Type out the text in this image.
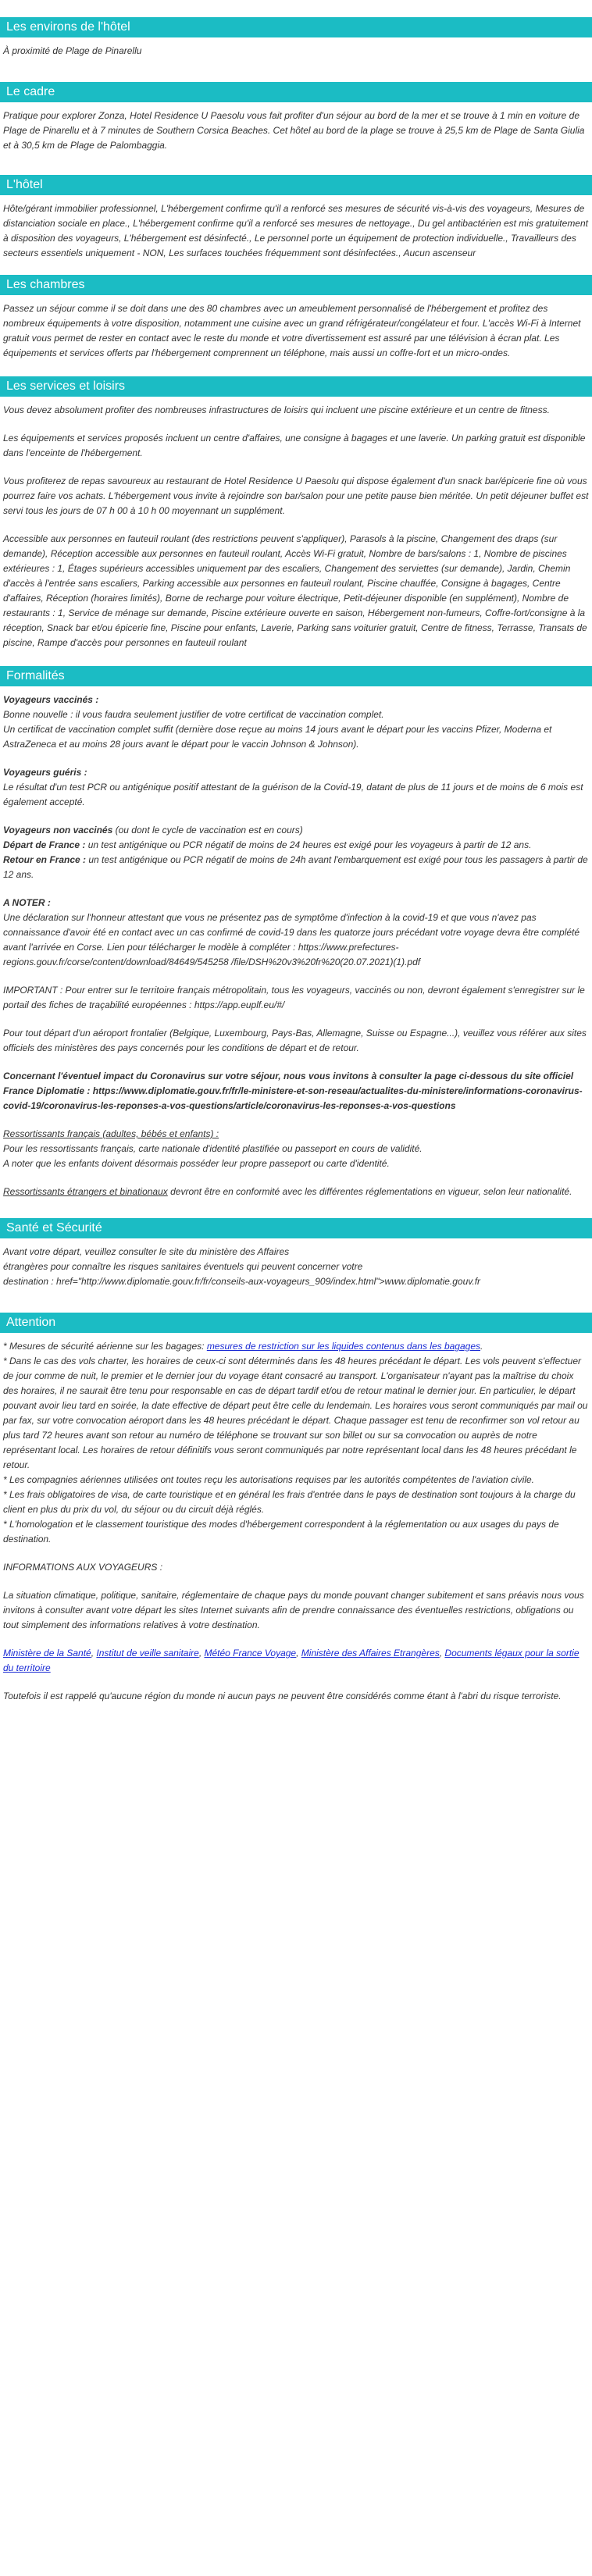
Les environs de l'hôtel

À proximité de Plage de Pinarellu

Le cadre

Pratique pour explorer Zonza, Hotel Residence U Paesolu vous fait profiter d'un séjour au bord de la mer et se trouve à 1 min en voiture de Plage de Pinarellu et à 7 minutes de Southern Corsica Beaches. Cet hôtel au bord de la plage se trouve à 25,5 km de Plage de Santa Giulia et à 30,5 km de Plage de Palombaggia.

L'hôtel

Hôte/gérant immobilier professionnel, L'hébergement confirme qu'il a renforcé ses mesures de sécurité vis-à-vis des voyageurs, Mesures de distanciation sociale en place., L'hébergement confirme qu'il a renforcé ses mesures de nettoyage., Du gel antibactérien est mis gratuitement à disposition des voyageurs, L'hébergement est désinfecté., Le personnel porte un équipement de protection individuelle., Travailleurs des secteurs essentiels uniquement - NON, Les surfaces touchées fréquemment sont désinfectées., Aucun ascenseur

Les chambres

Passez un séjour comme il se doit dans une des 80 chambres avec un ameublement personnalisé de l'hébergement et profitez des nombreux équipements à votre disposition, notamment une cuisine avec un grand réfrigérateur/congélateur et four. L'accès Wi-Fi à Internet gratuit vous permet de rester en contact avec le reste du monde et votre divertissement est assuré par une télévision à écran plat. Les équipements et services offerts par l'hébergement comprennent un téléphone, mais aussi un coffre-fort et un micro-ondes.

Les services et loisirs

Vous devez absolument profiter des nombreuses infrastructures de loisirs qui incluent une piscine extérieure et un centre de fitness.

Les équipements et services proposés incluent un centre d'affaires, une consigne à bagages et une laverie. Un parking gratuit est disponible dans l'enceinte de l'hébergement.

Vous profiterez de repas savoureux au restaurant de Hotel Residence U Paesolu qui dispose également d'un snack bar/épicerie fine où vous pourrez faire vos achats. L'hébergement vous invite à rejoindre son bar/salon pour une petite pause bien méritée. Un petit déjeuner buffet est servi tous les jours de 07 h 00 à 10 h 00 moyennant un supplément.

Accessible aux personnes en fauteuil roulant (des restrictions peuvent s'appliquer), Parasols à la piscine, Changement des draps (sur demande), Réception accessible aux personnes en fauteuil roulant, Accès Wi-Fi gratuit, Nombre de bars/salons : 1, Nombre de piscines extérieures : 1, Étages supérieurs accessibles uniquement par des escaliers, Changement des serviettes (sur demande), Jardin, Chemin d'accès à l'entrée sans escaliers, Parking accessible aux personnes en fauteuil roulant, Piscine chauffée, Consigne à bagages, Centre d'affaires, Réception (horaires limités), Borne de recharge pour voiture électrique, Petit-déjeuner disponible (en supplément), Nombre de restaurants : 1, Service de ménage sur demande, Piscine extérieure ouverte en saison, Hébergement non-fumeurs, Coffre-fort/consigne à la réception, Snack bar et/ou épicerie fine, Piscine pour enfants, Laverie, Parking sans voiturier gratuit, Centre de fitness, Terrasse, Transats de piscine, Rampe d'accès pour personnes en fauteuil roulant

Formalités

Voyageurs vaccinés :
Bonne nouvelle : il vous faudra seulement justifier de votre certificat de vaccination complet.
Un certificat de vaccination complet suffit (dernière dose reçue au moins 14 jours avant le départ pour les vaccins Pfizer, Moderna et AstraZeneca et au moins 28 jours avant le départ pour le vaccin Johnson & Johnson).

Voyageurs guéris :
Le résultat d'un test PCR ou antigénique positif attestant de la guérison de la Covid-19, datant de plus de 11 jours et de moins de 6 mois est également accepté.

Voyageurs non vaccinés (ou dont le cycle de vaccination est en cours)
Départ de France : un test antigénique ou PCR négatif de moins de 24 heures est exigé pour les voyageurs à partir de 12 ans.
Retour en France : un test antigénique ou PCR négatif de moins de 24h avant l'embarquement est exigé pour tous les passagers à partir de 12 ans.

A NOTER :
Une déclaration sur l'honneur attestant que vous ne présentez pas de symptôme d'infection à la covid-19 et que vous n'avez pas connaissance d'avoir été en contact avec un cas confirmé de covid-19 dans les quatorze jours précédant votre voyage devra être complété avant l'arrivée en Corse. Lien pour télécharger le modèle à compléter : https://www.prefectures-regions.gouv.fr/corse/content/download/84649/545258 /file/DSH%20v3%20fr%20(20.07.2021)(1).pdf

IMPORTANT : Pour entrer sur le territoire français métropolitain, tous les voyageurs, vaccinés ou non, devront également s'enregistrer sur le portail des fiches de traçabilité européennes : https://app.euplf.eu/#/

Pour tout départ d'un aéroport frontalier (Belgique, Luxembourg, Pays-Bas, Allemagne, Suisse ou Espagne...), veuillez vous référer aux sites officiels des ministères des pays concernés pour les conditions de départ et de retour.

Concernant l'éventuel impact du Coronavirus sur votre séjour, nous vous invitons à consulter la page ci-dessous du site officiel France Diplomatie : https://www.diplomatie.gouv.fr/fr/le-ministere-et-son-reseau/actualites-du-ministere/informations-coronavirus-covid-19/coronavirus-les-reponses-a-vos-questions/article/coronavirus-les-reponses-a-vos-questions

Ressortissants français (adultes, bébés et enfants) :
Pour les ressortissants français, carte nationale d'identité plastifiée ou passeport en cours de validité.
A noter que les enfants doivent désormais posséder leur propre passeport ou carte d'identité.

Ressortissants étrangers et binationaux devront être en conformité avec les différentes réglementations en vigueur, selon leur nationalité.

Santé et Sécurité

Avant votre départ, veuillez consulter le site du ministère des Affaires
étrangères pour connaître les risques sanitaires éventuels qui peuvent concerner votre
destination : href="http://www.diplomatie.gouv.fr/fr/conseils-aux-voyageurs_909/index.html">www.diplomatie.gouv.fr

Attention

* Mesures de sécurité aérienne sur les bagages: mesures de restriction sur les liquides contenus dans les bagages.
* Dans le cas des vols charter, les horaires de ceux-ci sont déterminés dans les 48 heures précédant le départ. Les vols peuvent s'effectuer de jour comme de nuit, le premier et le dernier jour du voyage étant consacré au transport. L'organisateur n'ayant pas la maîtrise du choix des horaires, il ne saurait être tenu pour responsable en cas de départ tardif et/ou de retour matinal le dernier jour. En particulier, le départ pouvant avoir lieu tard en soirée, la date effective de départ peut être celle du lendemain. Les horaires vous seront communiqués par mail ou par fax, sur votre convocation aéroport dans les 48 heures précédant le départ. Chaque passager est tenu de reconfirmer son vol retour au plus tard 72 heures avant son retour au numéro de téléphone se trouvant sur son billet ou sur sa convocation ou auprès de notre représentant local. Les horaires de retour définitifs vous seront communiqués par notre représentant local dans les 48 heures précédant le retour.
* Les compagnies aériennes utilisées ont toutes reçu les autorisations requises par les autorités compétentes de l'aviation civile.
* Les frais obligatoires de visa, de carte touristique et en général les frais d'entrée dans le pays de destination sont toujours à la charge du client en plus du prix du vol, du séjour ou du circuit déjà réglés.
* L'homologation et le classement touristique des modes d'hébergement correspondent à la réglementation ou aux usages du pays de destination.

INFORMATIONS AUX VOYAGEURS :

La situation climatique, politique, sanitaire, réglementaire de chaque pays du monde pouvant changer subitement et sans préavis nous vous invitons à consulter avant votre départ les sites Internet suivants afin de prendre connaissance des éventuelles restrictions, obligations ou tout simplement des informations relatives à votre destination.

Ministère de la Santé, Institut de veille sanitaire, Météo France Voyage, Ministère des Affaires Etrangères, Documents légaux pour la sortie du territoire

Toutefois il est rappelé qu'aucune région du monde ni aucun pays ne peuvent être considérés comme étant à l'abri du risque terroriste.
